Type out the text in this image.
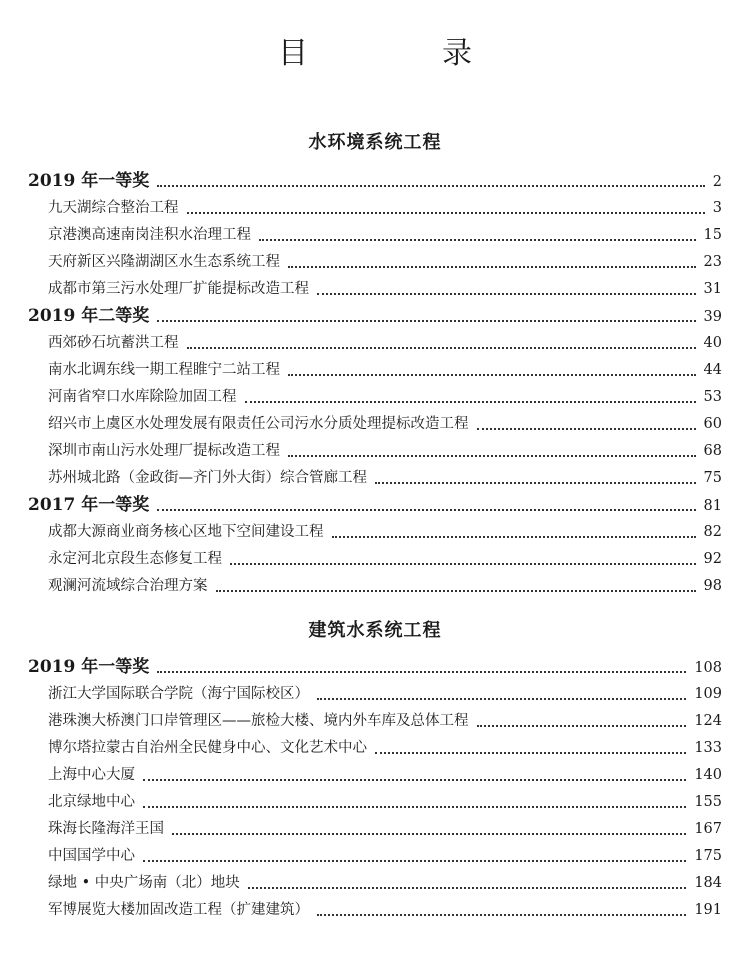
目　录
水环境系统工程
2019 年一等奖	2
九天湖综合整治工程	3
京港澳高速南岗洼积水治理工程	15
天府新区兴隆湖湖区水生态系统工程	23
成都市第三污水处理厂扩能提标改造工程	31
2019 年二等奖	39
西郊砂石坑蓄洪工程	40
南水北调东线一期工程睢宁二站工程	44
河南省窄口水库除险加固工程	53
绍兴市上虞区水处理发展有限责任公司污水分质处理提标改造工程	60
深圳市南山污水处理厂提标改造工程	68
苏州城北路（金政街—齐门外大街）综合管廊工程	75
2017 年一等奖	81
成都大源商业商务核心区地下空间建设工程	82
永定河北京段生态修复工程	92
观澜河流域综合治理方案	98
建筑水系统工程
2019 年一等奖	108
浙江大学国际联合学院（海宁国际校区）	109
港珠澳大桥澳门口岸管理区——旅检大楼、境内外车库及总体工程	124
博尔塔拉蒙古自治州全民健身中心、文化艺术中心	133
上海中心大厦	140
北京绿地中心	155
珠海长隆海洋王国	167
中国国学中心	175
绿地 • 中央广场南（北）地块	184
军博展览大楼加固改造工程（扩建建筑）	191
